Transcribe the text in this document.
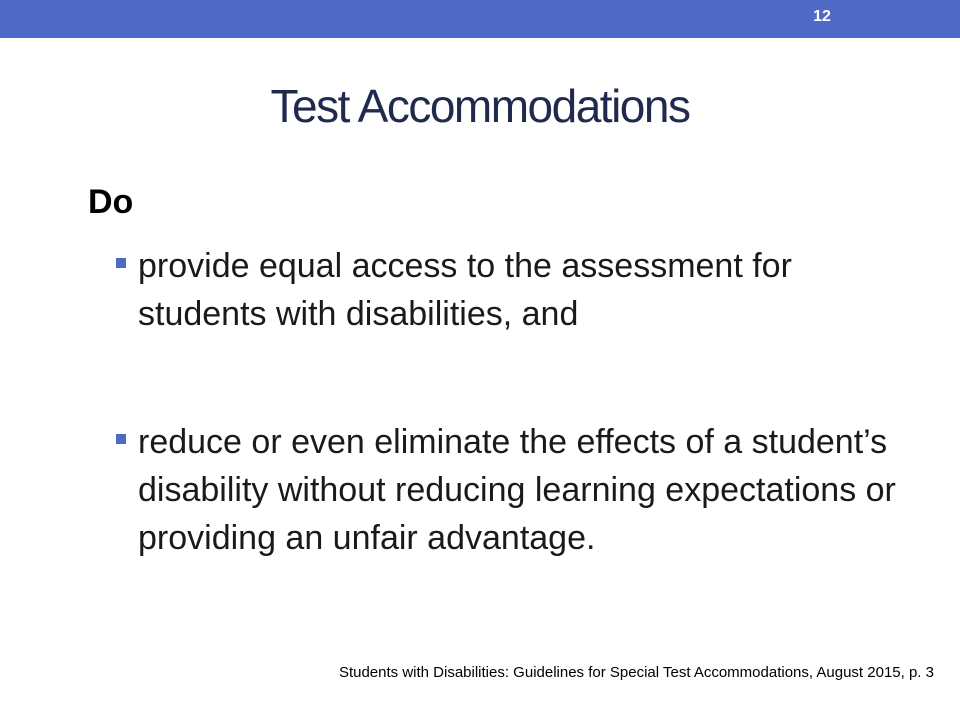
12
Test Accommodations
Do
provide equal access to the assessment for students with disabilities, and
reduce or even eliminate the effects of a student’s disability without reducing learning expectations or providing an unfair advantage.
Students with Disabilities: Guidelines for Special Test Accommodations, August 2015, p. 3
